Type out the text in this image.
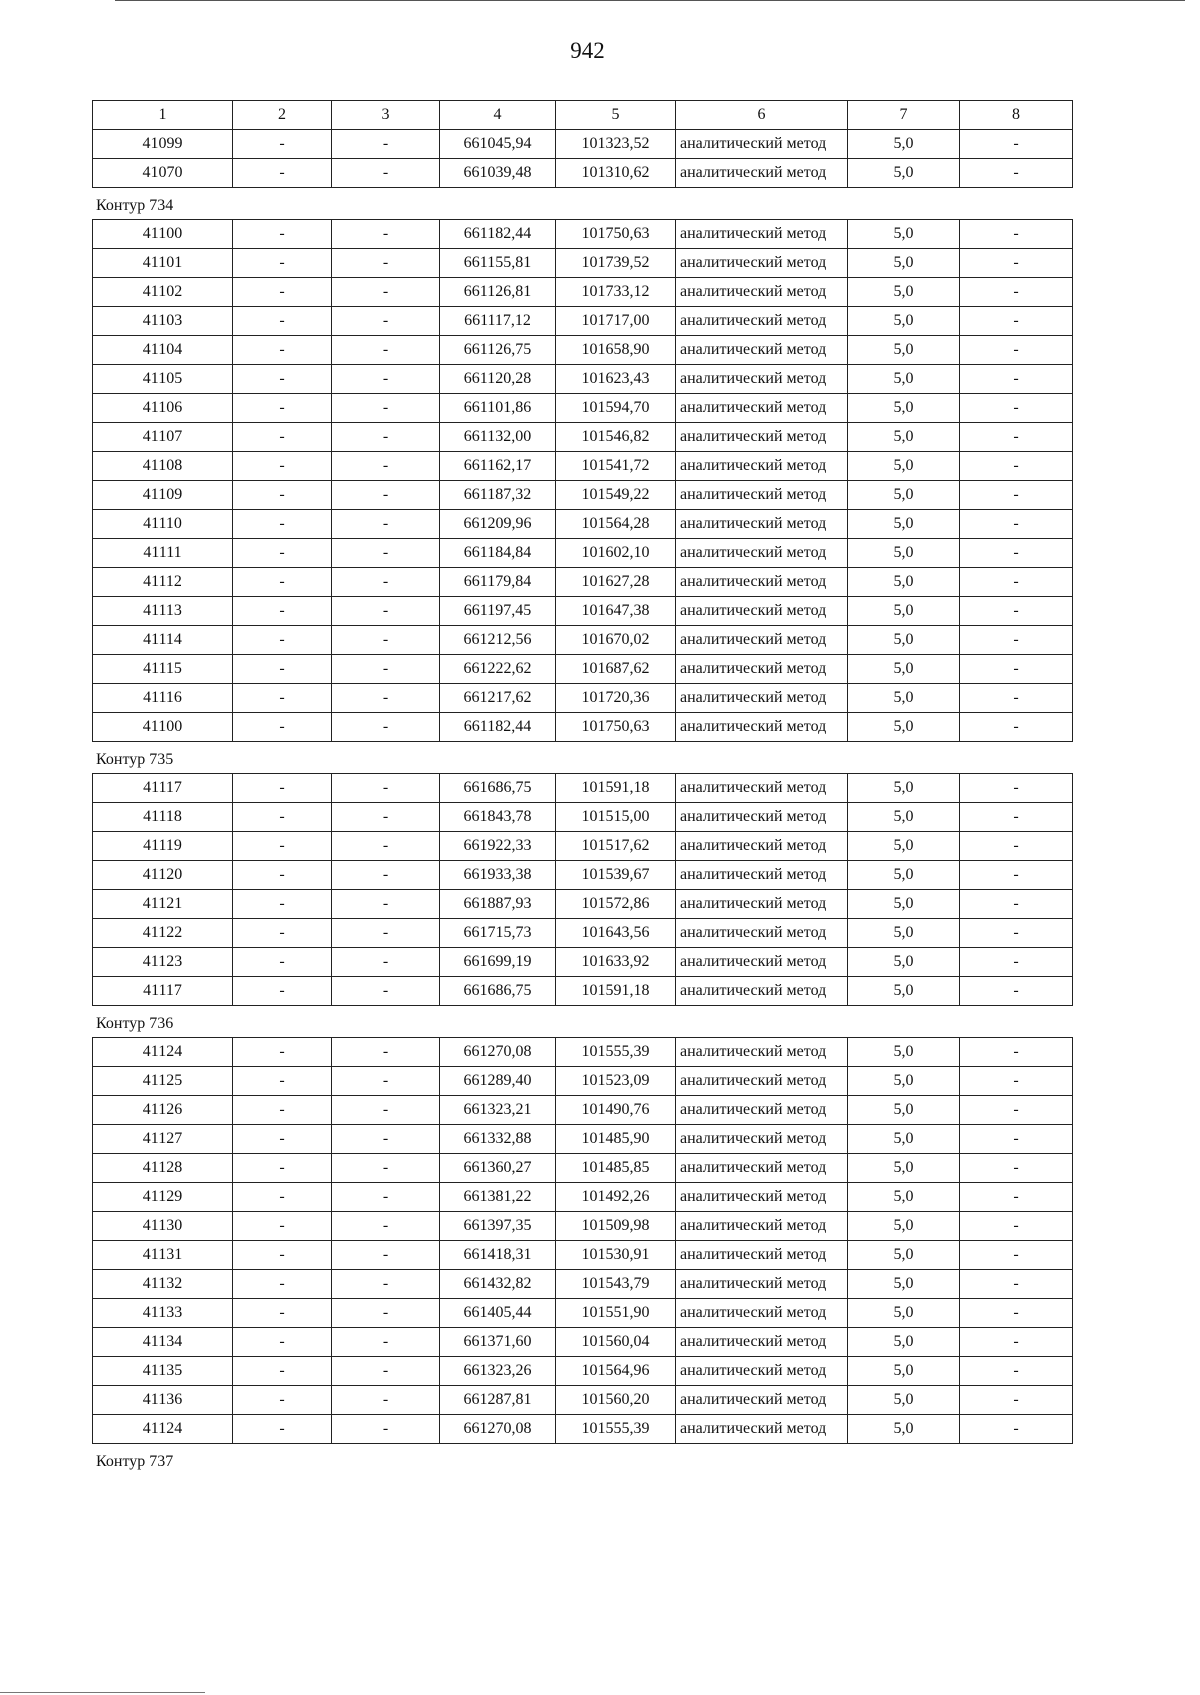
942
1	2	3	4	5	6	7	8
41099	-	-	661045,94	101323,52	аналитический метод	5,0	-
41070	-	-	661039,48	101310,62	аналитический метод	5,0	-
Контур 734
41100	-	-	661182,44	101750,63	аналитический метод	5,0	-
41101	-	-	661155,81	101739,52	аналитический метод	5,0	-
41102	-	-	661126,81	101733,12	аналитический метод	5,0	-
41103	-	-	661117,12	101717,00	аналитический метод	5,0	-
41104	-	-	661126,75	101658,90	аналитический метод	5,0	-
41105	-	-	661120,28	101623,43	аналитический метод	5,0	-
41106	-	-	661101,86	101594,70	аналитический метод	5,0	-
41107	-	-	661132,00	101546,82	аналитический метод	5,0	-
41108	-	-	661162,17	101541,72	аналитический метод	5,0	-
41109	-	-	661187,32	101549,22	аналитический метод	5,0	-
41110	-	-	661209,96	101564,28	аналитический метод	5,0	-
41111	-	-	661184,84	101602,10	аналитический метод	5,0	-
41112	-	-	661179,84	101627,28	аналитический метод	5,0	-
41113	-	-	661197,45	101647,38	аналитический метод	5,0	-
41114	-	-	661212,56	101670,02	аналитический метод	5,0	-
41115	-	-	661222,62	101687,62	аналитический метод	5,0	-
41116	-	-	661217,62	101720,36	аналитический метод	5,0	-
41100	-	-	661182,44	101750,63	аналитический метод	5,0	-
Контур 735
41117	-	-	661686,75	101591,18	аналитический метод	5,0	-
41118	-	-	661843,78	101515,00	аналитический метод	5,0	-
41119	-	-	661922,33	101517,62	аналитический метод	5,0	-
41120	-	-	661933,38	101539,67	аналитический метод	5,0	-
41121	-	-	661887,93	101572,86	аналитический метод	5,0	-
41122	-	-	661715,73	101643,56	аналитический метод	5,0	-
41123	-	-	661699,19	101633,92	аналитический метод	5,0	-
41117	-	-	661686,75	101591,18	аналитический метод	5,0	-
Контур 736
41124	-	-	661270,08	101555,39	аналитический метод	5,0	-
41125	-	-	661289,40	101523,09	аналитический метод	5,0	-
41126	-	-	661323,21	101490,76	аналитический метод	5,0	-
41127	-	-	661332,88	101485,90	аналитический метод	5,0	-
41128	-	-	661360,27	101485,85	аналитический метод	5,0	-
41129	-	-	661381,22	101492,26	аналитический метод	5,0	-
41130	-	-	661397,35	101509,98	аналитический метод	5,0	-
41131	-	-	661418,31	101530,91	аналитический метод	5,0	-
41132	-	-	661432,82	101543,79	аналитический метод	5,0	-
41133	-	-	661405,44	101551,90	аналитический метод	5,0	-
41134	-	-	661371,60	101560,04	аналитический метод	5,0	-
41135	-	-	661323,26	101564,96	аналитический метод	5,0	-
41136	-	-	661287,81	101560,20	аналитический метод	5,0	-
41124	-	-	661270,08	101555,39	аналитический метод	5,0	-
Контур 737
